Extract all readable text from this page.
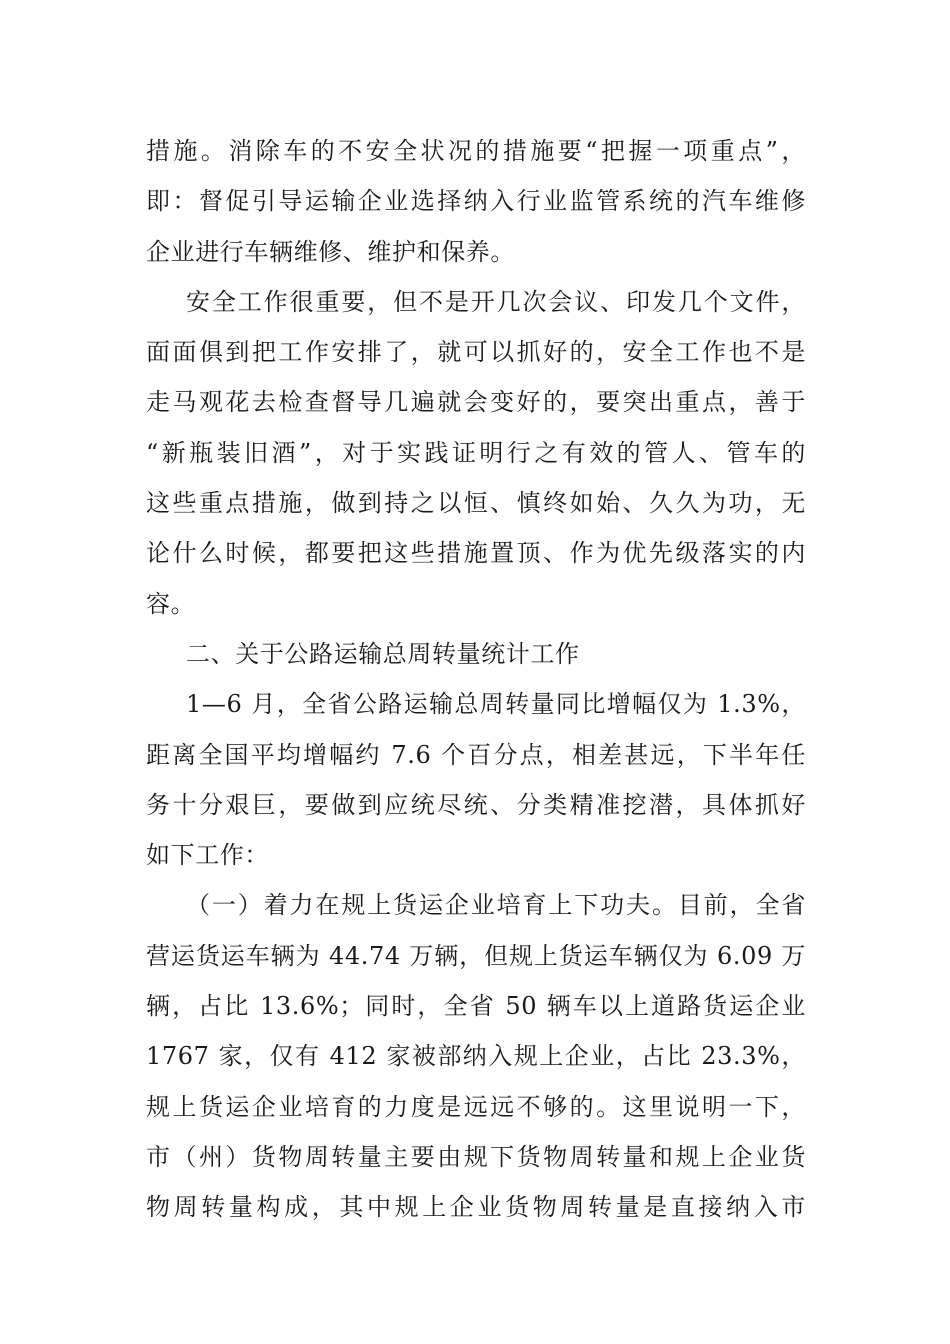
措施。消除车的不安全状况的措施要“把握一项重点”，
即：督促引导运输企业选择纳入行业监管系统的汽车维修
企业进行车辆维修、维护和保养。
安全工作很重要，但不是开几次会议、印发几个文件，
面面俱到把工作安排了，就可以抓好的，安全工作也不是
走马观花去检查督导几遍就会变好的，要突出重点，善于
“新瓶装旧酒”，对于实践证明行之有效的管人、管车的
这些重点措施，做到持之以恒、慎终如始、久久为功，无
论什么时候，都要把这些措施置顶、作为优先级落实的内
容。
二、关于公路运输总周转量统计工作
1—6 月，全省公路运输总周转量同比增幅仅为 1.3%，
距离全国平均增幅约 7.6 个百分点，相差甚远，下半年任
务十分艰巨，要做到应统尽统、分类精准挖潜，具体抓好
如下工作：
（一）着力在规上货运企业培育上下功夫。目前，全省
营运货运车辆为 44.74 万辆，但规上货运车辆仅为 6.09 万
辆，占比 13.6%；同时，全省 50 辆车以上道路货运企业
1767 家，仅有 412 家被部纳入规上企业，占比 23.3%，
规上货运企业培育的力度是远远不够的。这里说明一下，
市（州）货物周转量主要由规下货物周转量和规上企业货
物周转量构成，其中规上企业货物周转量是直接纳入市
